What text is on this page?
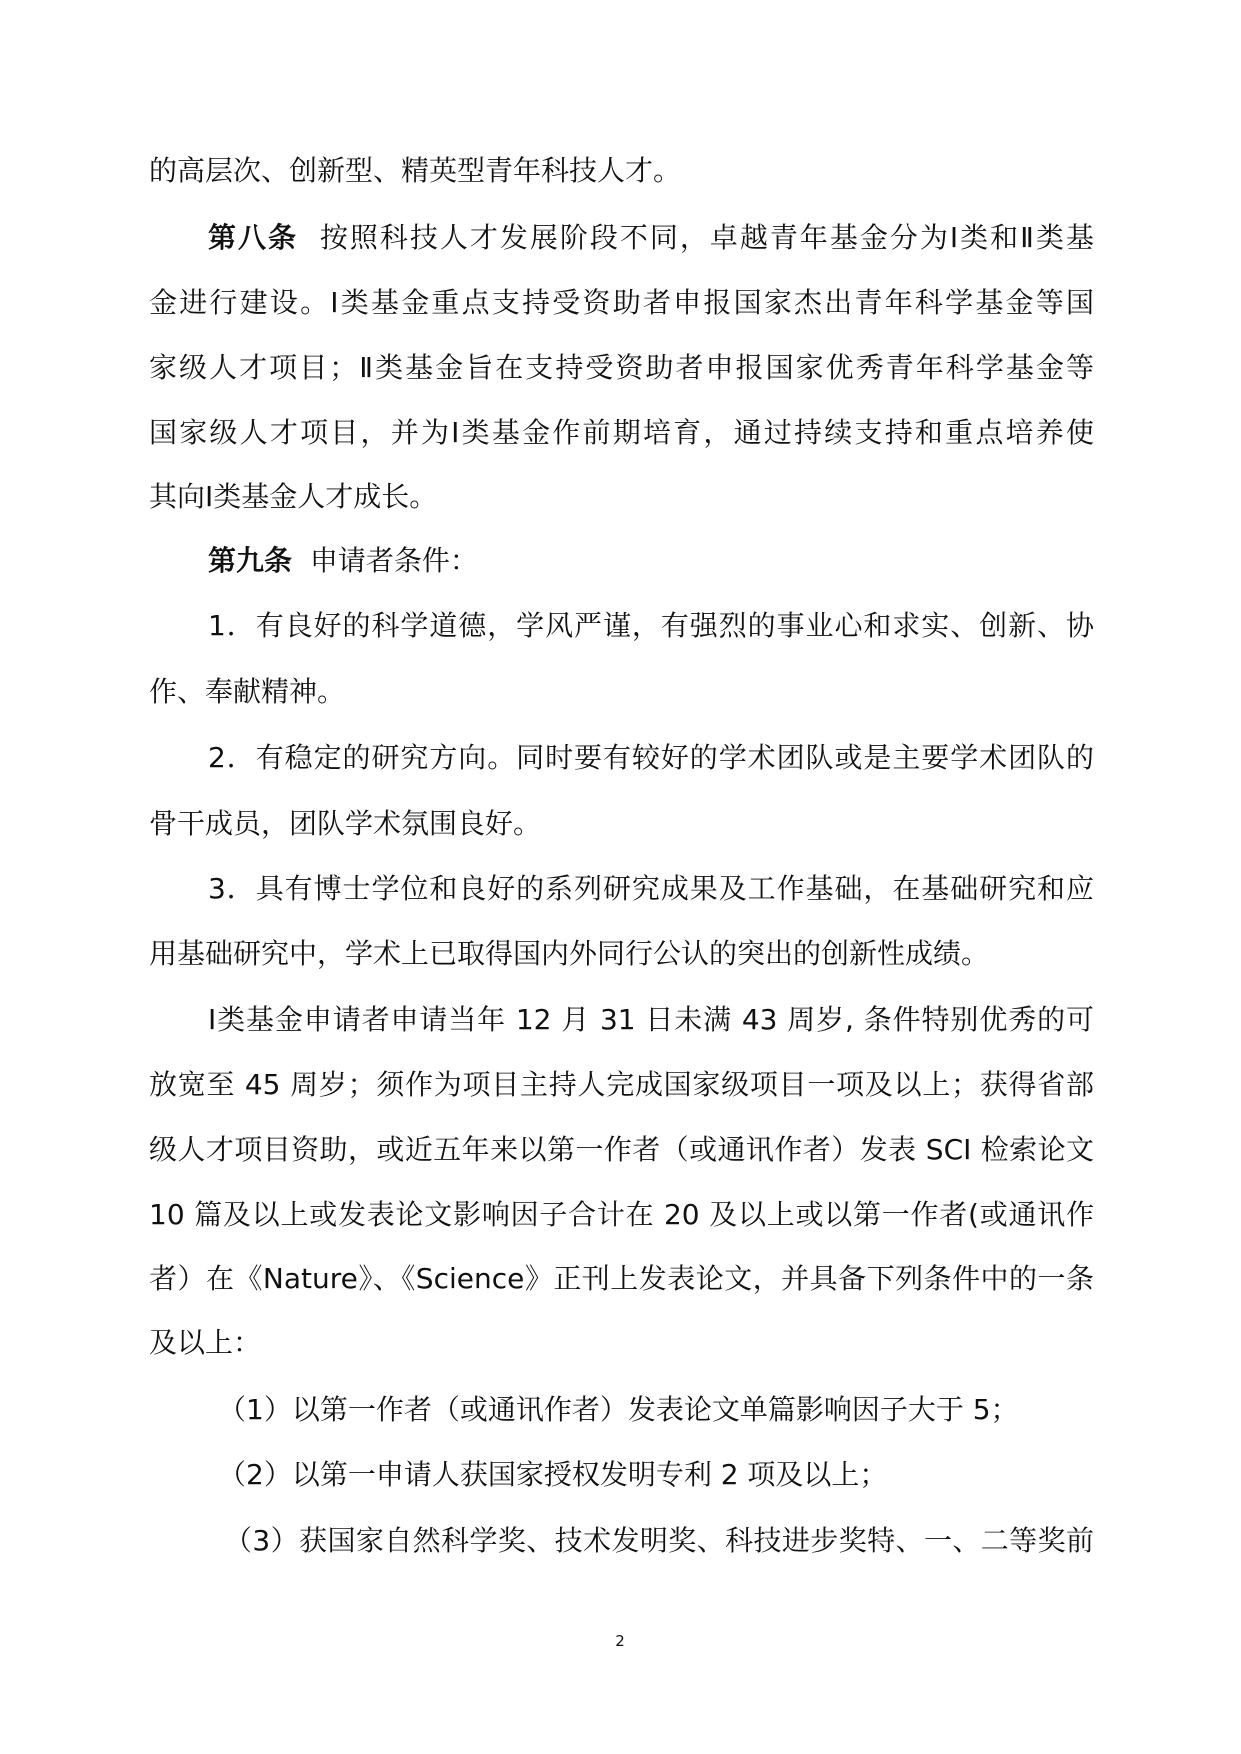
的高层次、创新型、精英型青年科技人才。
第八条 按照科技人才发展阶段不同，卓越青年基金分为Ⅰ类和Ⅱ类基
金进行建设。Ⅰ类基金重点支持受资助者申报国家杰出青年科学基金等国
家级人才项目；Ⅱ类基金旨在支持受资助者申报国家优秀青年科学基金等
国家级人才项目，并为Ⅰ类基金作前期培育，通过持续支持和重点培养使
其向Ⅰ类基金人才成长。
第九条 申请者条件：
1．有良好的科学道德，学风严谨，有强烈的事业心和求实、创新、协
作、奉献精神。
2．有稳定的研究方向。同时要有较好的学术团队或是主要学术团队的
骨干成员，团队学术氛围良好。
3．具有博士学位和良好的系列研究成果及工作基础，在基础研究和应
用基础研究中，学术上已取得国内外同行公认的突出的创新性成绩。
Ⅰ类基金申请者申请当年 12 月 31 日未满 43 周岁, 条件特别优秀的可
放宽至 45 周岁；须作为项目主持人完成国家级项目一项及以上；获得省部
级人才项目资助，或近五年来以第一作者（或通讯作者）发表 SCI 检索论文
10 篇及以上或发表论文影响因子合计在 20 及以上或以第一作者(或通讯作
者）在《Nature》、《Science》正刊上发表论文，并具备下列条件中的一条
及以上：
（1）以第一作者（或通讯作者）发表论文单篇影响因子大于 5；
（2）以第一申请人获国家授权发明专利 2 项及以上；
（3）获国家自然科学奖、技术发明奖、科技进步奖特、一、二等奖前
2
